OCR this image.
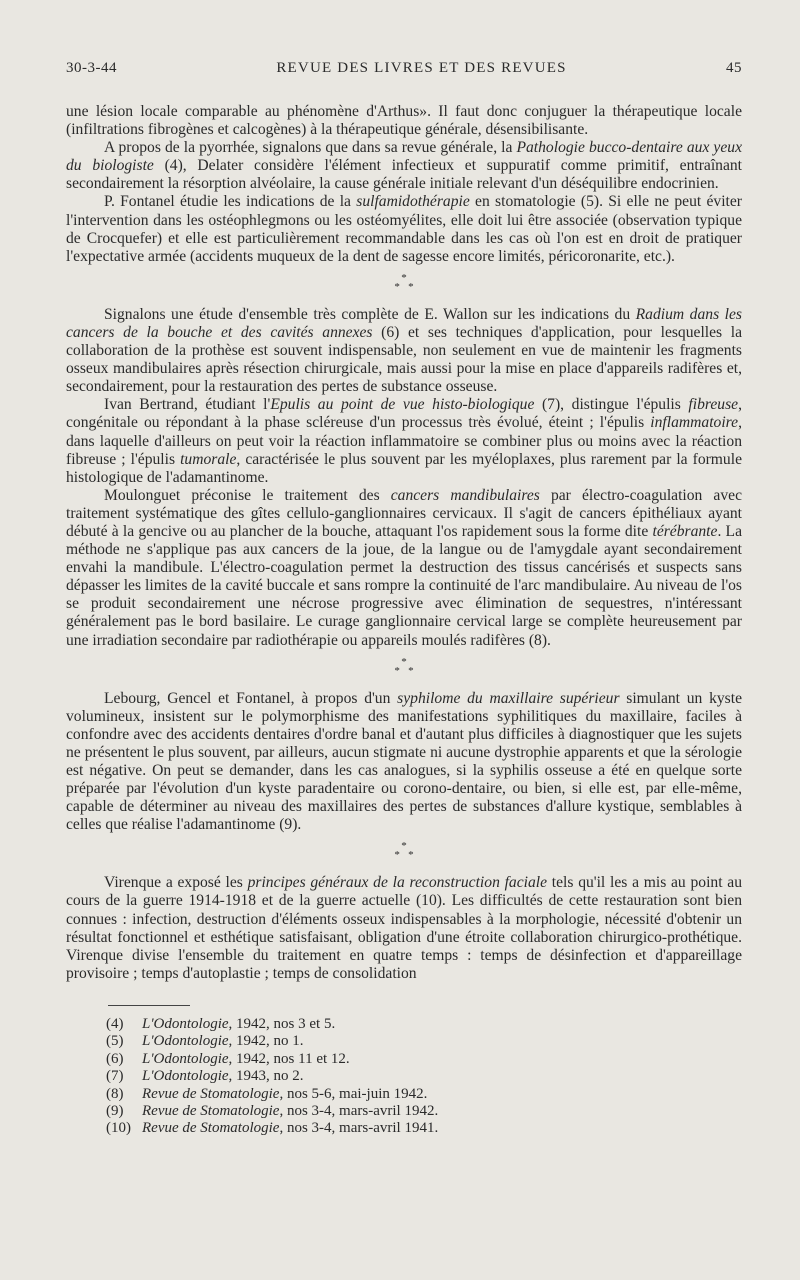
30-3-44	REVUE DES LIVRES ET DES REVUES	45

une lésion locale comparable au phénomène d'Arthus». Il faut donc conjuguer la thérapeutique locale (infiltrations fibrogènes et calcogènes) à la thérapeutique générale, désensibilisante.

A propos de la pyorrhée, signalons que dans sa revue générale, la Pathologie bucco-dentaire aux yeux du biologiste (4), Delater considère l'élément infectieux et suppuratif comme primitif, entraînant secondairement la résorption alvéolaire, la cause générale initiale relevant d'un déséquilibre endocrinien.

P. Fontanel étudie les indications de la sulfamidothérapie en stomatologie (5). Si elle ne peut éviter l'intervention dans les ostéophlegmons ou les ostéomyélites, elle doit lui être associée (observation typique de Crocquefer) et elle est particulièrement recommandable dans les cas où l'on est en droit de pratiquer l'expectative armée (accidents muqueux de la dent de sagesse encore limités, péricoronarite, etc.).

*
* *

Signalons une étude d'ensemble très complète de E. Wallon sur les indications du Radium dans les cancers de la bouche et des cavités annexes (6) et ses techniques d'application, pour lesquelles la collaboration de la prothèse est souvent indispensable, non seulement en vue de maintenir les fragments osseux mandibulaires après résection chirurgicale, mais aussi pour la mise en place d'appareils radifères et, secondairement, pour la restauration des pertes de substance osseuse.

Ivan Bertrand, étudiant l'Epulis au point de vue histo-biologique (7), distingue l'épulis fibreuse, congénitale ou répondant à la phase scléreuse d'un processus très évolué, éteint ; l'épulis inflammatoire, dans laquelle d'ailleurs on peut voir la réaction inflammatoire se combiner plus ou moins avec la réaction fibreuse ; l'épulis tumorale, caractérisée le plus souvent par les myéloplaxes, plus rarement par la formule histologique de l'adamantinome.

Moulonguet préconise le traitement des cancers mandibulaires par électro-coagulation avec traitement systématique des gîtes cellulo-ganglionnaires cervicaux. Il s'agit de cancers épithéliaux ayant débuté à la gencive ou au plancher de la bouche, attaquant l'os rapidement sous la forme dite térébrante. La méthode ne s'applique pas aux cancers de la joue, de la langue ou de l'amygdale ayant secondairement envahi la mandibule. L'électro-coagulation permet la destruction des tissus cancérisés et suspects sans dépasser les limites de la cavité buccale et sans rompre la continuité de l'arc mandibulaire. Au niveau de l'os se produit secondairement une nécrose progressive avec élimination de sequestres, n'intéressant généralement pas le bord basilaire. Le curage ganglionnaire cervical large se complète heureusement par une irradiation secondaire par radiothérapie ou appareils moulés radifères (8).

*
* *

Lebourg, Gencel et Fontanel, à propos d'un syphilome du maxillaire supérieur simulant un kyste volumineux, insistent sur le polymorphisme des manifestations syphilitiques du maxillaire, faciles à confondre avec des accidents dentaires d'ordre banal et d'autant plus difficiles à diagnostiquer que les sujets ne présentent le plus souvent, par ailleurs, aucun stigmate ni aucune dystrophie apparents et que la sérologie est négative. On peut se demander, dans les cas analogues, si la syphilis osseuse a été en quelque sorte préparée par l'évolution d'un kyste paradentaire ou corono-dentaire, ou bien, si elle est, par elle-même, capable de déterminer au niveau des maxillaires des pertes de substances d'allure kystique, semblables à celles que réalise l'adamantinome (9).

*
* *

Virenque a exposé les principes généraux de la reconstruction faciale tels qu'il les a mis au point au cours de la guerre 1914-1918 et de la guerre actuelle (10). Les difficultés de cette restauration sont bien connues : infection, destruction d'éléments osseux indispensables à la morphologie, nécessité d'obtenir un résultat fonctionnel et esthétique satisfaisant, obligation d'une étroite collaboration chirurgico-prothétique. Virenque divise l'ensemble du traitement en quatre temps : temps de désinfection et d'appareillage provisoire ; temps d'autoplastie ; temps de consolidation

(4) L'Odontologie, 1942, nos 3 et 5.
(5) L'Odontologie, 1942, no 1.
(6) L'Odontologie, 1942, nos 11 et 12.
(7) L'Odontologie, 1943, no 2.
(8) Revue de Stomatologie, nos 5-6, mai-juin 1942.
(9) Revue de Stomatologie, nos 3-4, mars-avril 1942.
(10) Revue de Stomatologie, nos 3-4, mars-avril 1941.
